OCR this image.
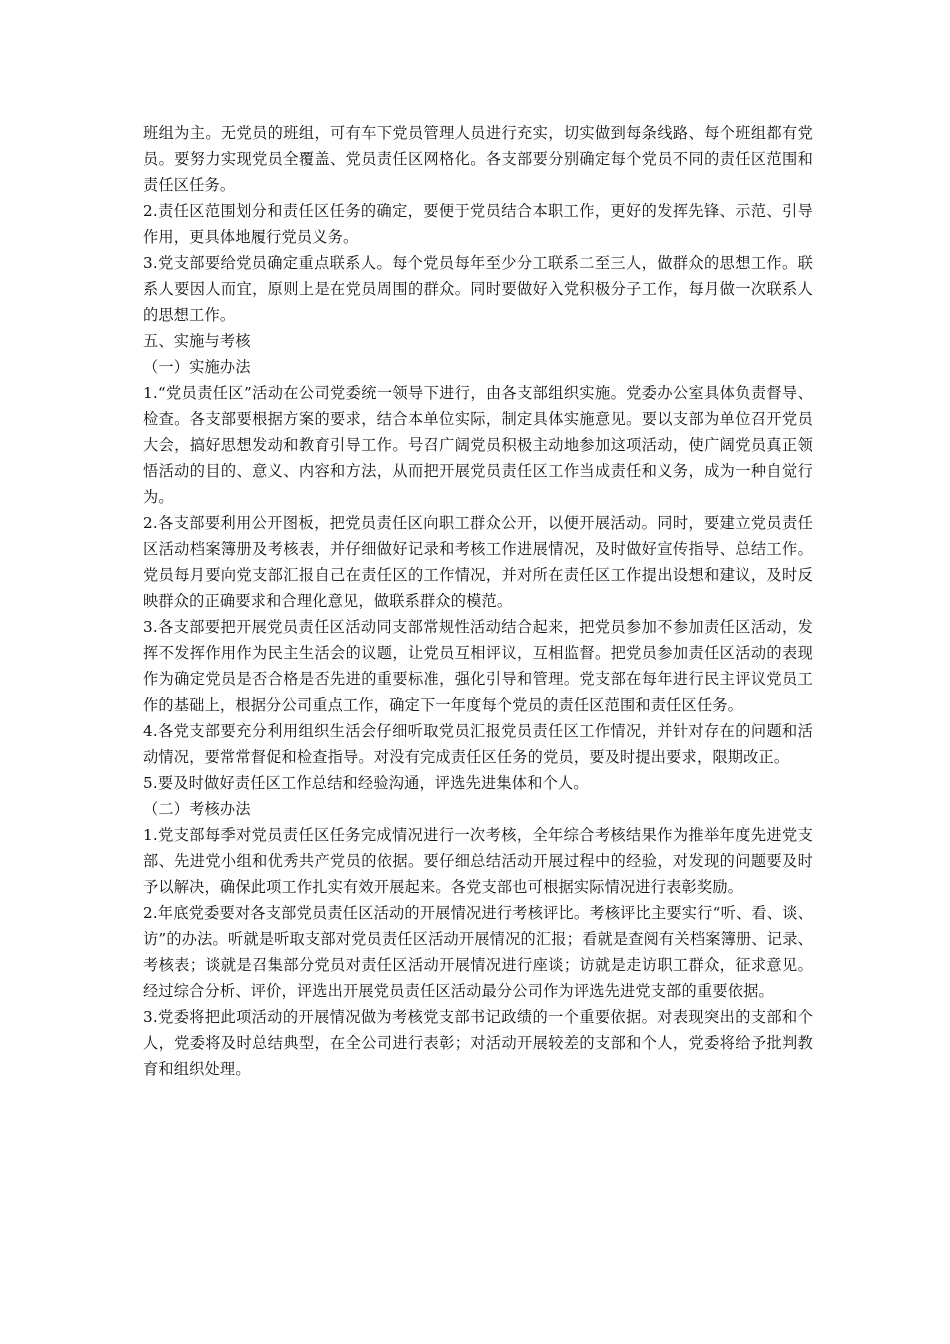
班组为主。无党员的班组，可有车下党员管理人员进行充实，切实做到每条线路、每个班组都有党员。要努力实现党员全覆盖、党员责任区网格化。各支部要分别确定每个党员不同的责任区范围和责任区任务。

2.责任区范围划分和责任区任务的确定，要便于党员结合本职工作，更好的发挥先锋、示范、引导作用，更具体地履行党员义务。

3.党支部要给党员确定重点联系人。每个党员每年至少分工联系二至三人，做群众的思想工作。联系人要因人而宜，原则上是在党员周围的群众。同时要做好入党积极分子工作，每月做一次联系人的思想工作。

五、实施与考核

（一）实施办法

1.“党员责任区”活动在公司党委统一领导下进行，由各支部组织实施。党委办公室具体负责督导、检查。各支部要根据方案的要求，结合本单位实际，制定具体实施意见。要以支部为单位召开党员大会，搞好思想发动和教育引导工作。号召广阔党员积极主动地参加这项活动，使广阔党员真正领悟活动的目的、意义、内容和方法，从而把开展党员责任区工作当成责任和义务，成为一种自觉行为。

2.各支部要利用公开图板，把党员责任区向职工群众公开，以便开展活动。同时，要建立党员责任区活动档案簿册及考核表，并仔细做好记录和考核工作进展情况，及时做好宣传指导、总结工作。党员每月要向党支部汇报自己在责任区的工作情况，并对所在责任区工作提出设想和建议，及时反映群众的正确要求和合理化意见，做联系群众的模范。

3.各支部要把开展党员责任区活动同支部常规性活动结合起来，把党员参加不参加责任区活动，发挥不发挥作用作为民主生活会的议题，让党员互相评议，互相监督。把党员参加责任区活动的表现作为确定党员是否合格是否先进的重要标准，强化引导和管理。党支部在每年进行民主评议党员工作的基础上，根据分公司重点工作，确定下一年度每个党员的责任区范围和责任区任务。

4.各党支部要充分利用组织生活会仔细听取党员汇报党员责任区工作情况，并针对存在的问题和活动情况，要常常督促和检查指导。对没有完成责任区任务的党员，要及时提出要求，限期改正。

5.要及时做好责任区工作总结和经验沟通，评选先进集体和个人。

（二）考核办法

1.党支部每季对党员责任区任务完成情况进行一次考核，全年综合考核结果作为推举年度先进党支部、先进党小组和优秀共产党员的依据。要仔细总结活动开展过程中的经验，对发现的问题要及时予以解决，确保此项工作扎实有效开展起来。各党支部也可根据实际情况进行表彰奖励。

2.年底党委要对各支部党员责任区活动的开展情况进行考核评比。考核评比主要实行“听、看、谈、访”的办法。听就是听取支部对党员责任区活动开展情况的汇报；看就是查阅有关档案簿册、记录、考核表；谈就是召集部分党员对责任区活动开展情况进行座谈；访就是走访职工群众，征求意见。经过综合分析、评价，评选出开展党员责任区活动最分公司作为评选先进党支部的重要依据。

3.党委将把此项活动的开展情况做为考核党支部书记政绩的一个重要依据。对表现突出的支部和个人，党委将及时总结典型，在全公司进行表彰；对活动开展较差的支部和个人，党委将给予批判教育和组织处理。
